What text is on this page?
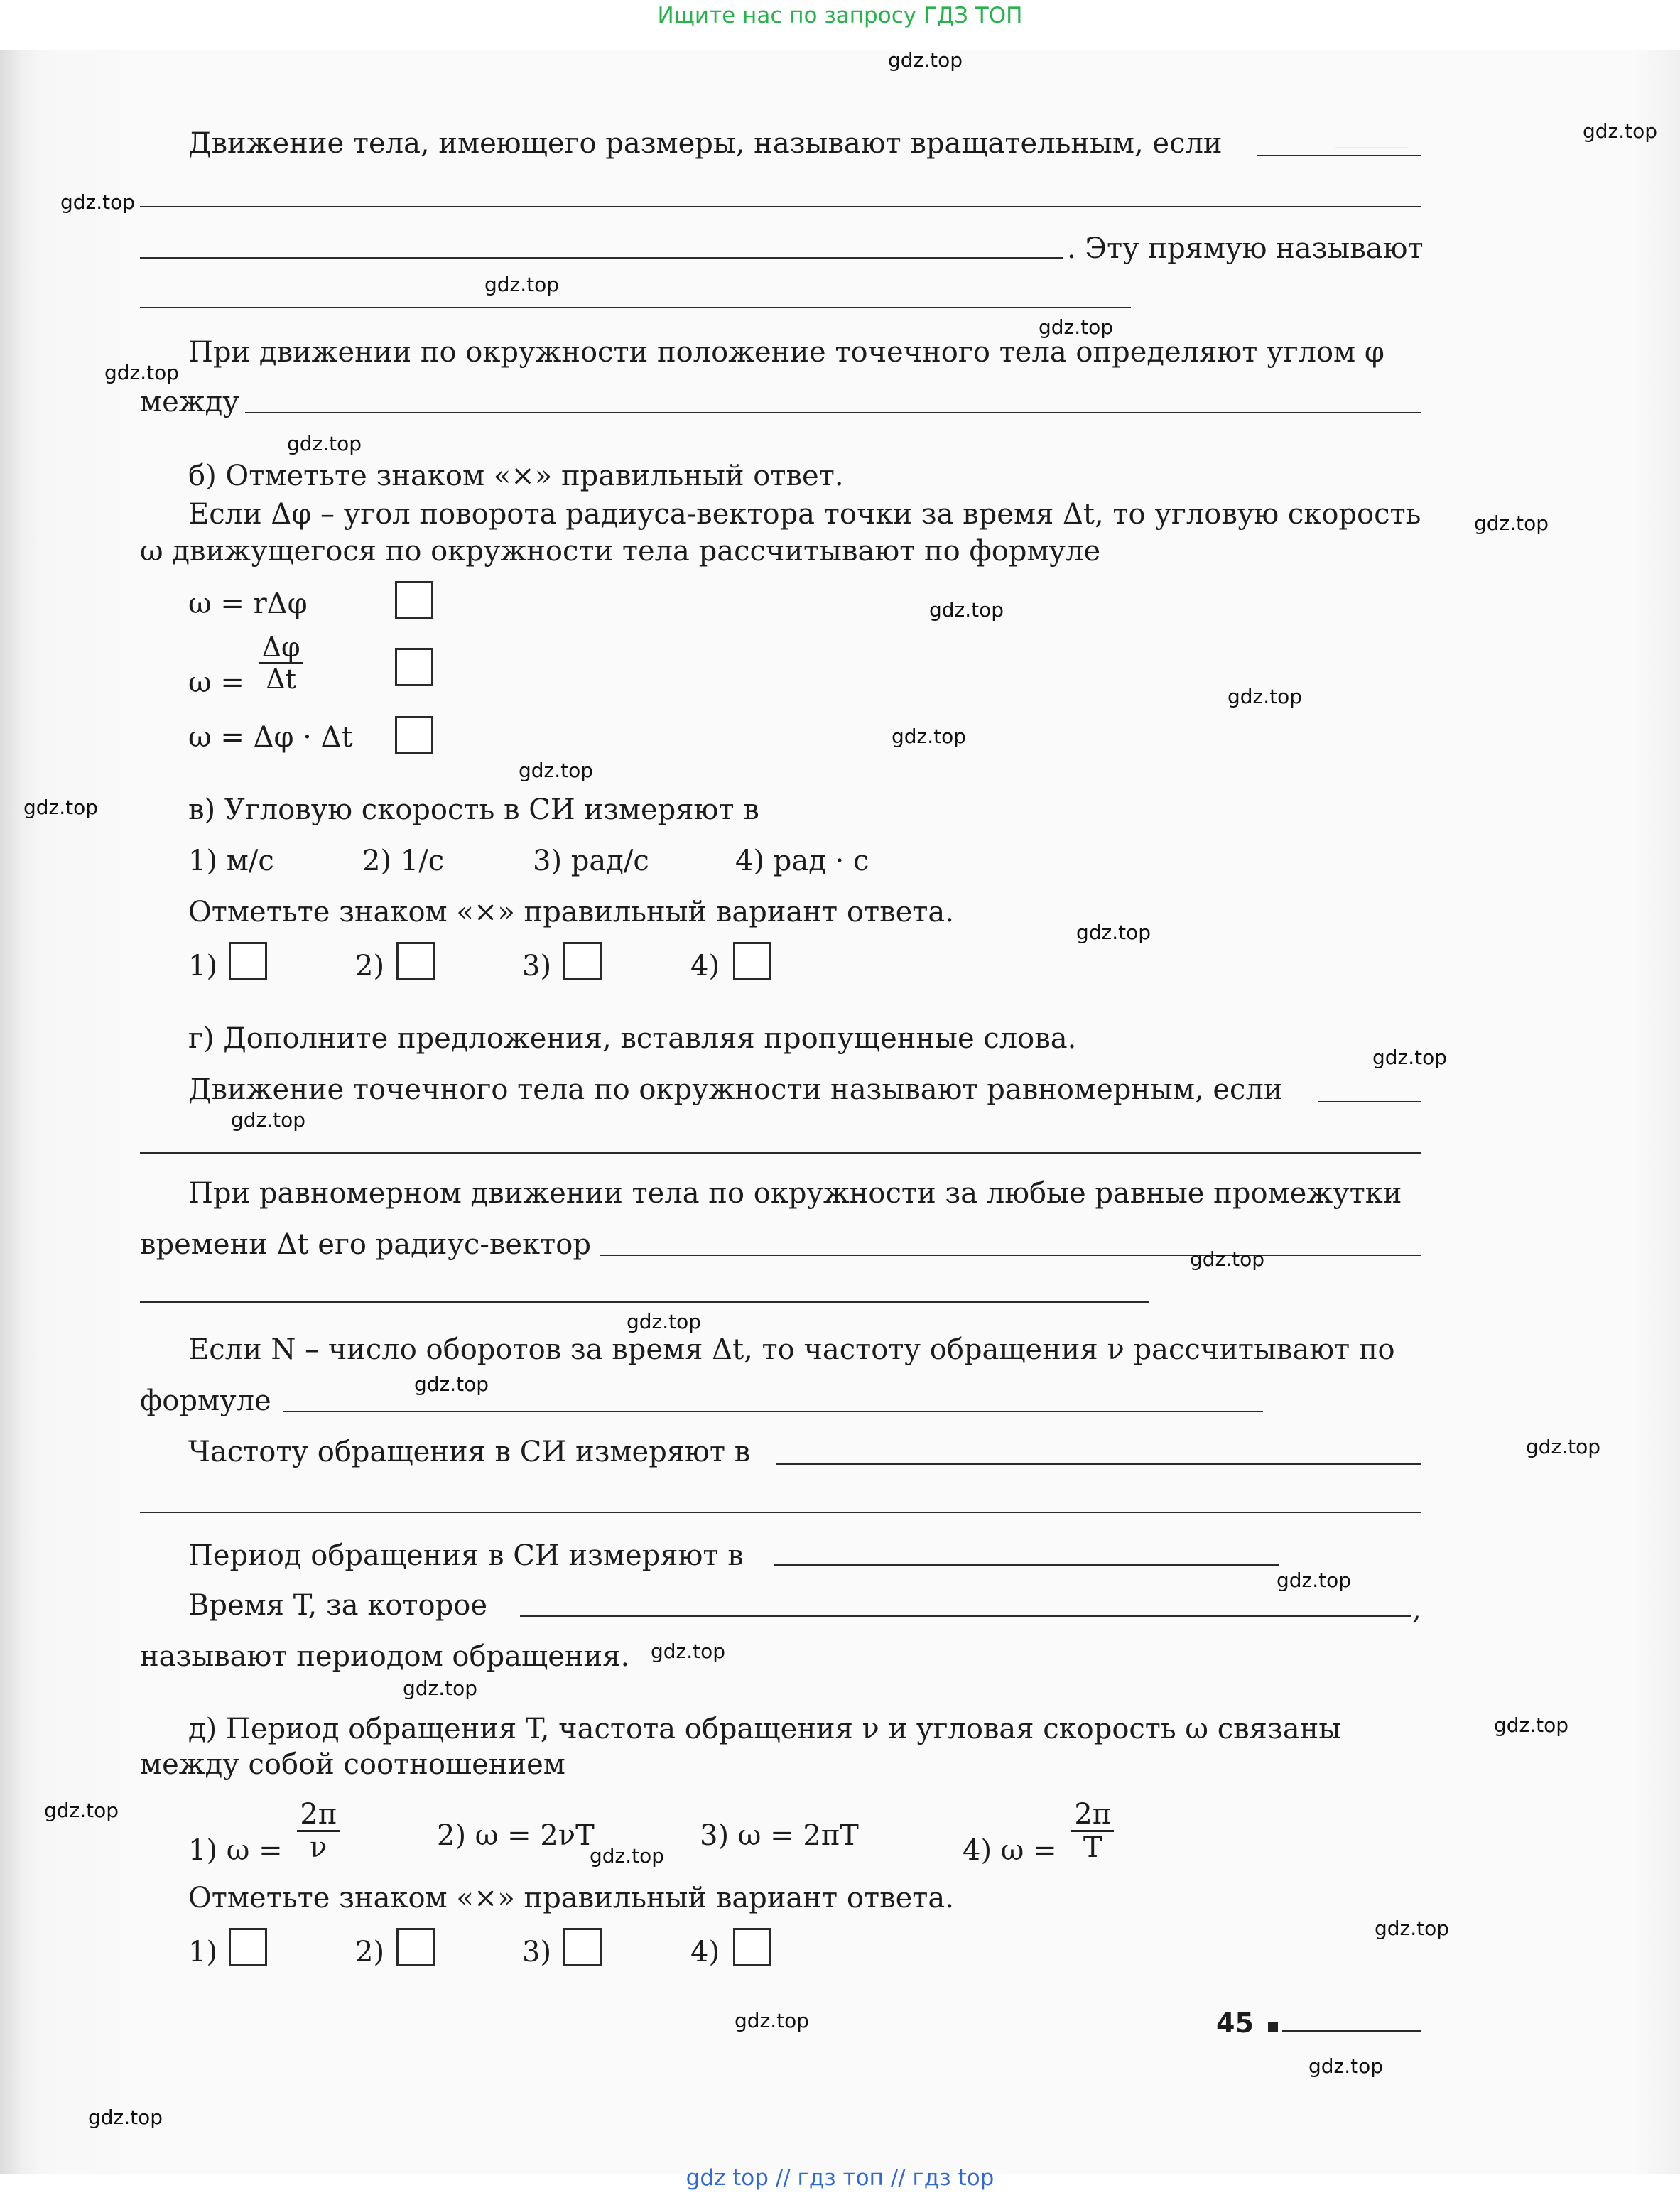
Ищите нас по запросу ГДЗ ТОП
______
Движение тела, имеющего размеры, называют вращательным, если
. Эту прямую называют
При движении по окружности положение точечного тела определяют углом φ
между
б) Отметьте знаком «×» правильный ответ.
Если Δφ – угол поворота радиуса-вектора точки за время Δt, то угловую скорость
ω движущегося по окружности тела рассчитывают по формуле
ω = rΔφ
$\omega = \frac{\Delta\varphi}{\Delta t}$
ω = Δφ · Δt
в) Угловую скорость в СИ измеряют в
1) м/с	2) 1/с	3) рад/с	4) рад · с
Отметьте знаком «×» правильный вариант ответа.
1)	2)	3)	4)
г) Дополните предложения, вставляя пропущенные слова.
Движение точечного тела по окружности называют равномерным, если
При равномерном движении тела по окружности за любые равные промежутки
времени Δt его радиус-вектор
Если N – число оборотов за время Δt, то частоту обращения ν рассчитывают по
формуле
Частоту обращения в СИ измеряют в
Период обращения в СИ измеряют в
Время T, за которое	,
называют периодом обращения.
д) Период обращения T, частота обращения ν и угловая скорость ω связаны
между собой соотношением
1) $\omega = \frac{2\pi}{\nu}$	2) ω = 2νT	3) ω = 2πT	4) $\omega = \frac{2\pi}{T}$
Отметьте знаком «×» правильный вариант ответа.
1)	2)	3)	4)
45
gdz.top
gdz.top
gdz.top
gdz.top
gdz.top
gdz.top
gdz.top
gdz.top
gdz.top
gdz.top
gdz.top
gdz.top
gdz.top
gdz.top
gdz.top
gdz.top
gdz.top
gdz.top
gdz.top
gdz.top
gdz.top
gdz.top
gdz.top
gdz.top
gdz.top
gdz.top
gdz.top
gdz.top
gdz.top
gdz.top
gdz top // гдз топ // гдз top
